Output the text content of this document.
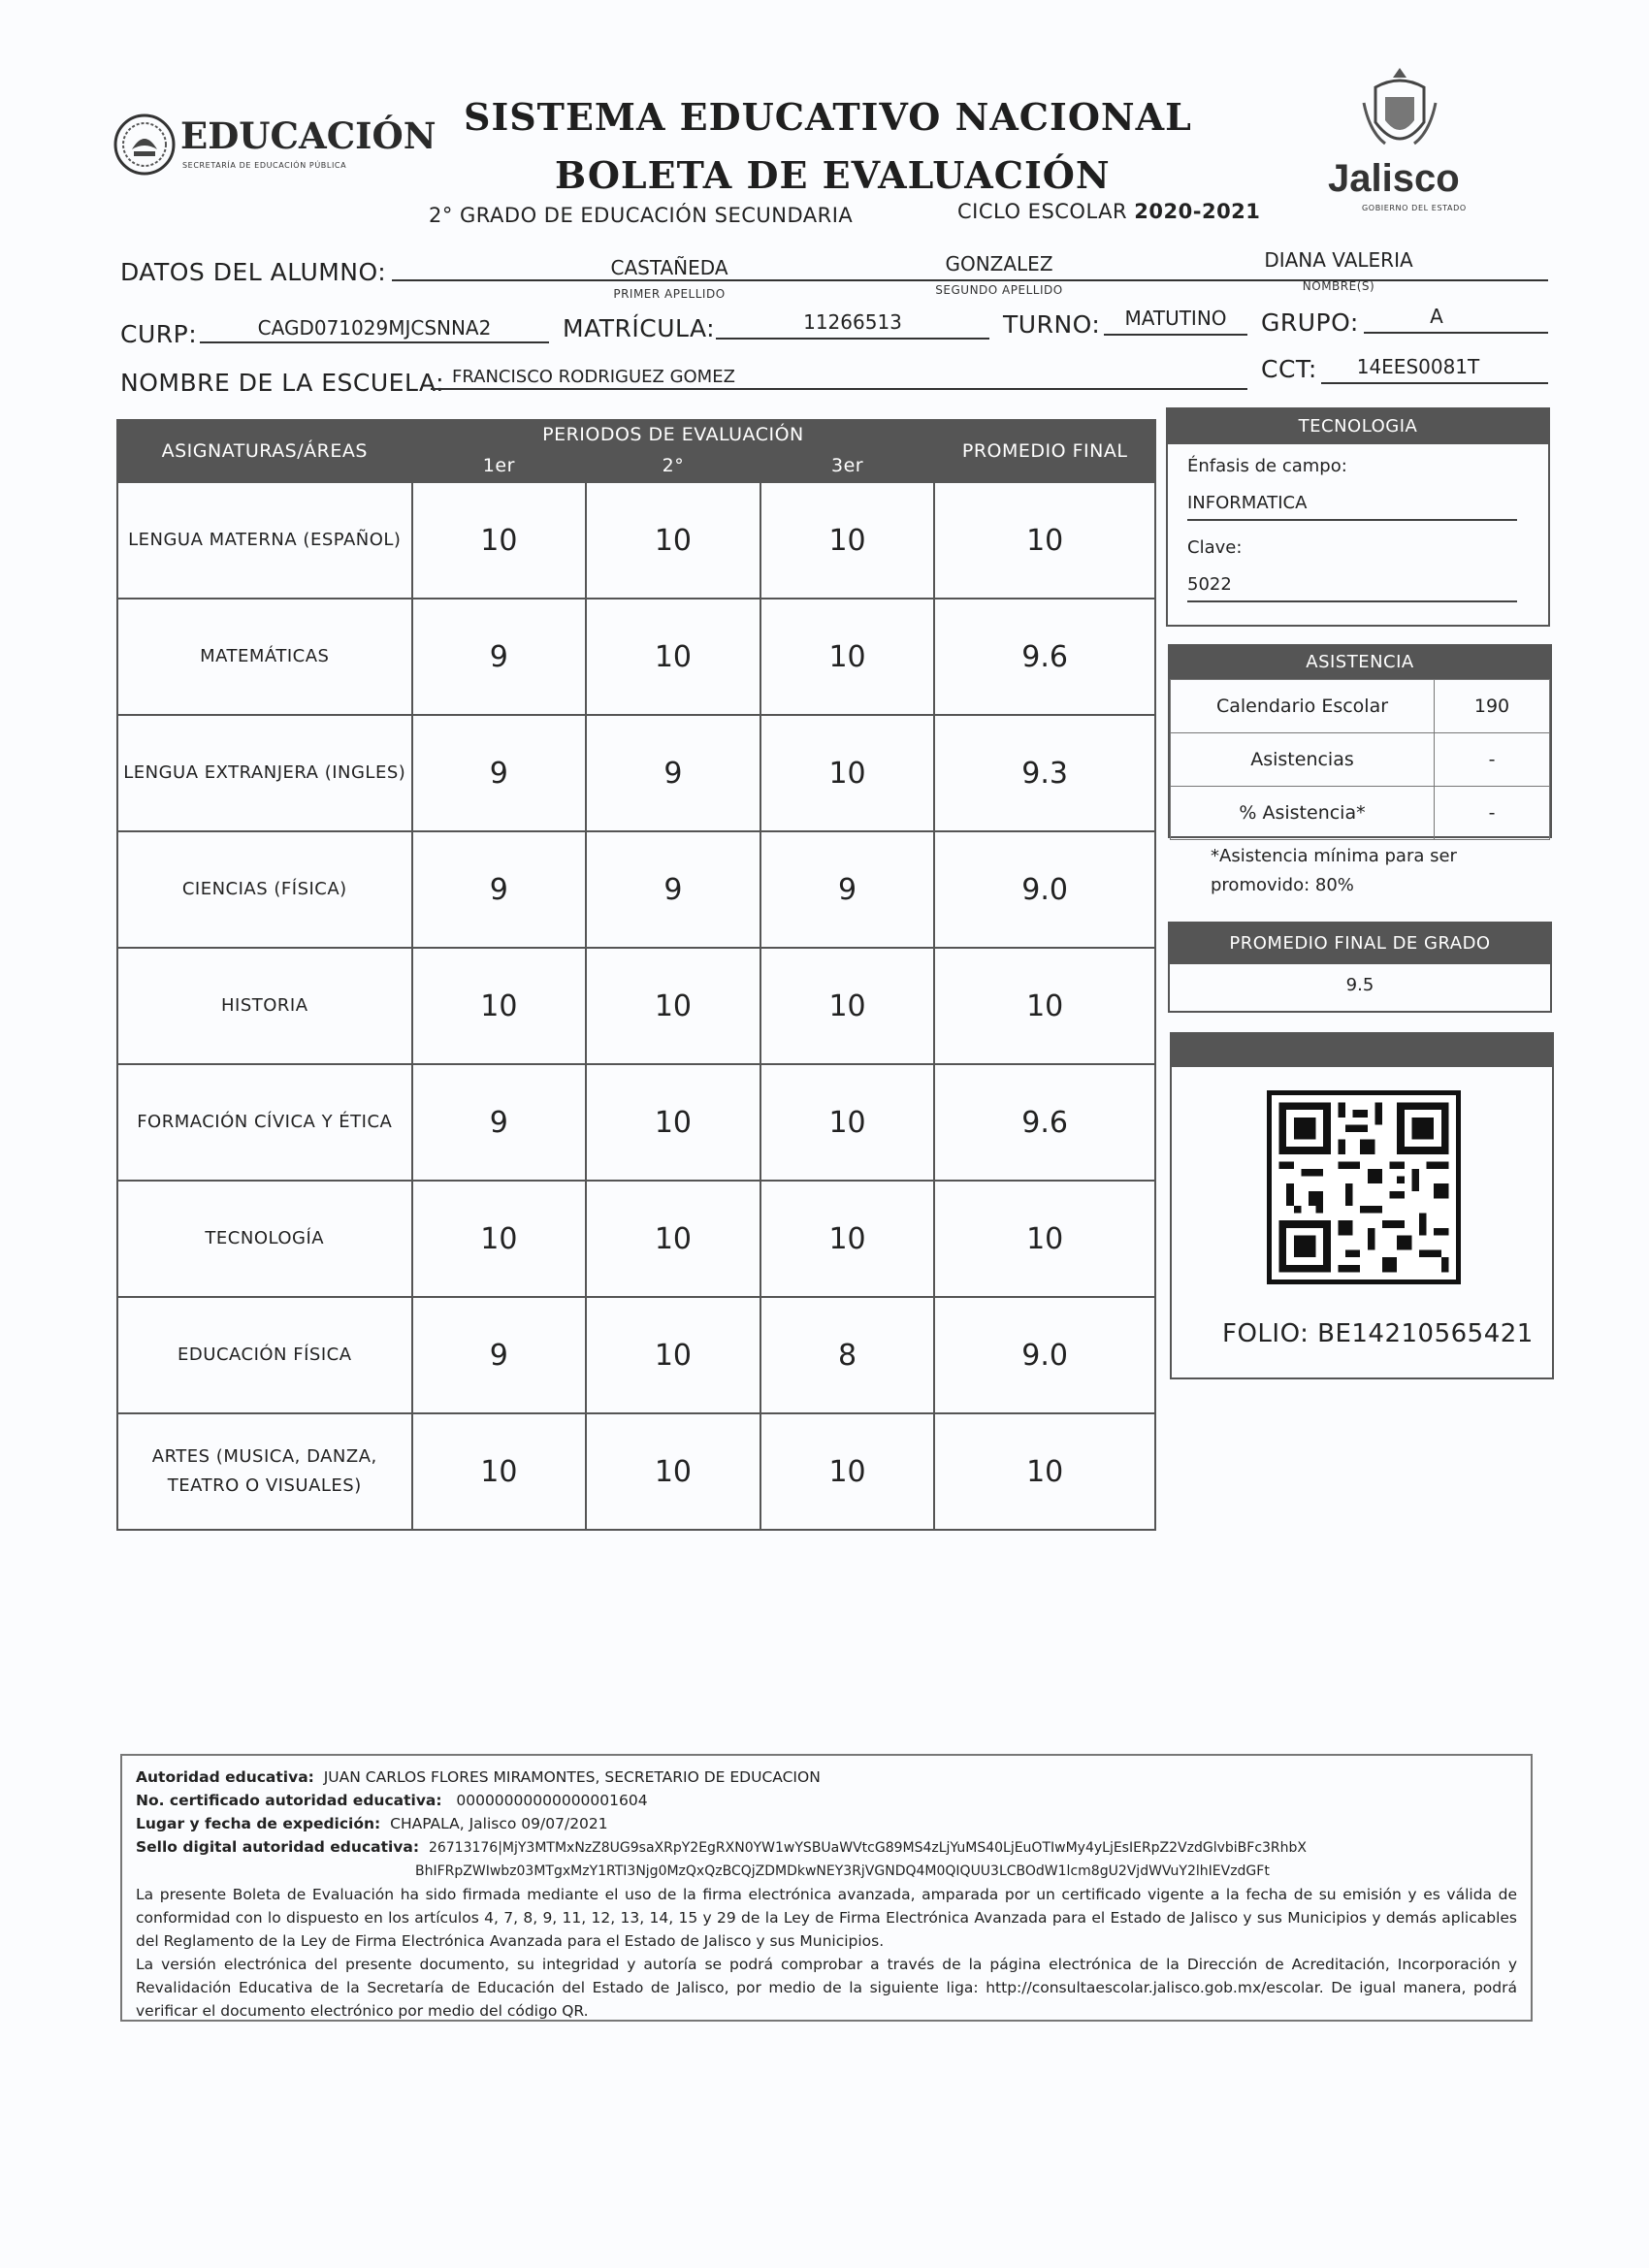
EDUCACIÓN
SECRETARÍA DE EDUCACIÓN PÚBLICA
SISTEMA EDUCATIVO NACIONAL
BOLETA DE EVALUACIÓN
2° GRADO DE EDUCACIÓN SECUNDARIA	CICLO ESCOLAR 2020-2021
Jalisco
GOBIERNO DEL ESTADO
DATOS DEL ALUMNO:	CASTAÑEDA
PRIMER APELLIDO
GONZALEZ
SEGUNDO APELLIDO
DIANA VALERIA
NOMBRE(S)
CURP:	CAGD071029MJCSNNA2	MATRÍCULA:	11266513	TURNO:	MATUTINO	GRUPO:	A
NOMBRE DE LA ESCUELA: FRANCISCO RODRIGUEZ GOMEZ	CCT:	14EES0081T
ASIGNATURAS/ÁREAS	PERIODOS DE EVALUACIÓN			PROMEDIO FINAL
	1er	2°	3er	
LENGUA MATERNA (ESPAÑOL)	10	10	10	10
MATEMÁTICAS	9	10	10	9.6
LENGUA EXTRANJERA (INGLES)	9	9	10	9.3
CIENCIAS (FÍSICA)	9	9	9	9.0
HISTORIA	10	10	10	10
FORMACIÓN CÍVICA Y ÉTICA	9	10	10	9.6
TECNOLOGÍA	10	10	10	10
EDUCACIÓN FÍSICA	9	10	8	9.0
ARTES (MUSICA, DANZA, TEATRO O VISUALES)	10	10	10	10
TECNOLOGIA
Énfasis de campo:
INFORMATICA
Clave:
5022
ASISTENCIA
Calendario Escolar	190
Asistencias	-
% Asistencia*	-
*Asistencia mínima para ser promovido: 80%
PROMEDIO FINAL DE GRADO
9.5
FOLIO: BE14210565421
Autoridad educativa: JUAN CARLOS FLORES MIRAMONTES, SECRETARIO DE EDUCACION
No. certificado autoridad educativa: 00000000000000001604
Lugar y fecha de expedición: CHAPALA, Jalisco 09/07/2021
Sello digital autoridad educativa: 26713176|MjY3MTMxNzZ8UG9saXRpY2EgRXN0YW1wYSBUaWVtcG89MS4zLjYuMS40LjEuOTIwMy4yLjEsIERpZ2VzdGlvbiBFc3RhbX
BhIFRpZWIwbz03MTgxMzY1RTI3Njg0MzQxQzBCQjZDMDkwNEY3RjVGNDQ4M0QIQUU3LCBOdW1lcm8gU2VjdWVuY2lhIEVzdGFt
La presente Boleta de Evaluación ha sido firmada mediante el uso de la firma electrónica avanzada, amparada por un certificado vigente a la fecha de su emisión y es válida de conformidad con lo dispuesto en los artículos 4, 7, 8, 9, 11, 12, 13, 14, 15 y 29 de la Ley de Firma Electrónica Avanzada para el Estado de Jalisco y sus Municipios y demás aplicables del Reglamento de la Ley de Firma Electrónica Avanzada para el Estado de Jalisco y sus Municipios.
La versión electrónica del presente documento, su integridad y autoría se podrá comprobar a través de la página electrónica de la Dirección de Acreditación, Incorporación y Revalidación Educativa de la Secretaría de Educación del Estado de Jalisco, por medio de la siguiente liga: http://consultaescolar.jalisco.gob.mx/escolar. De igual manera, podrá verificar el documento electrónico por medio del código QR.
